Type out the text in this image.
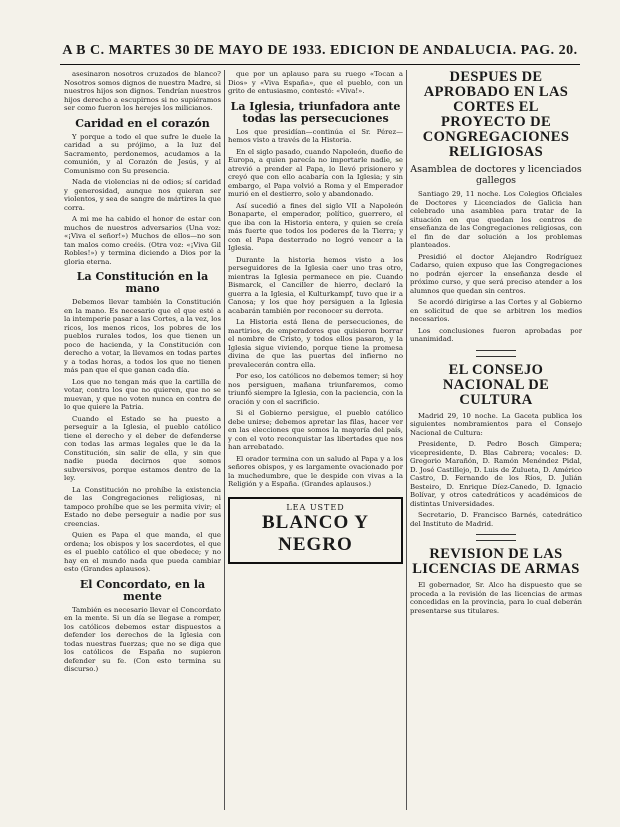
A B C. MARTES 30 DE MAYO DE 1933. EDICION DE ANDALUCIA. PAG. 20.

asesinaron nosotros cruzados de blanco? Nosotros somos dignos de nuestra Madre, si nuestros hijos son dignos. Tendrían nuestros hijos derecho a escupirnos si no supiéramos ser como fueron los herejes los milicianos.

Caridad en el corazón

Y porque a todo el que sufre le duele la caridad a su prójimo, a la luz del Sacramento, perdonemos, acudamos a la comunión, y al Corazón de Jesús, y al Comunismo con Su presencia.

Nada de violencias ni de odios; sí caridad y generosidad, aunque nos quieran ser violentos, y sea de sangre de mártires la que corra.

A mi me ha cabido el honor de estar con muchos de nuestros adversarios (Una voz: «¡Viva el señor!») Muchos de ellos—no son tan malos como creéis. (Otra voz: «¡Viva Gil Robles!») y termina diciendo a Dios por la gloria eterna.

La Constitución en la mano

Debemos llevar también la Constitución en la mano. Es necesario que el que esté a la intemperie pasar a las Cortes, a la vez, los ricos, los menos ricos, los pobres de los pueblos rurales todos, los que tienen un poco de hacienda, y la Constitución con derecho a votar, la llevamos en todas partes y a todas horas, a todos los que no tienen más pan que el que ganan cada día.

Los que no tengan más que la cartilla de votar, contra los que no quieren, que no se muevan, y que no voten nunca en contra de lo que quiere la Patria.

Cuando el Estado se ha puesto a perseguir a la Iglesia, el pueblo católico tiene el derecho y el deber de defenderse con todas las armas legales que le da la Constitución, sin salir de ella, y sin que nadie pueda decirnos que somos subversivos, porque estamos dentro de la ley.

La Constitución no prohíbe la existencia de las Congregaciones religiosas, ni tampoco prohíbe que se les permita vivir; el Estado no debe perseguir a nadie por sus creencias.

Quien es Papa el que manda, el que ordena; los obispos y los sacerdotes, el que es el pueblo católico el que obedece; y no hay en el mundo nada que pueda cambiar esto (Grandes aplausos).

El Concordato, en la mente

También es necesario llevar el Concordato en la mente. Si un día se llegase a romper, los católicos debemos estar dispuestos a defender los derechos de la Iglesia con todas nuestras fuerzas; que no se diga que los católicos de España no supieron defender su fe. (Con esto termina su discurso.)

que por un aplauso para su ruego «Tocan a Dios» y «Viva España», que el pueblo, con un grito de entusiasmo, contestó: «Viva!».

La Iglesia, triunfadora ante todas las persecuciones

Los que presidían—continúa el Sr. Pérez—hemos visto a través de la Historia.

En el siglo pasado, cuando Napoleón, dueño de Europa, a quien parecía no importarle nadie, se atrevió a prender al Papa, lo llevó prisionero y creyó que con ello acabaría con la Iglesia; y sin embargo, el Papa volvió a Roma y el Emperador murió en el destierro, solo y abandonado.

Así sucedió a fines del siglo VII a Napoleón Bonaparte, el emperador, político, guerrero, el que iba con la Historia entera, y quien se creía más fuerte que todos los poderes de la Tierra; y con el Papa desterrado no logró vencer a la Iglesia.

Durante la historia hemos visto a los perseguidores de la Iglesia caer uno tras otro, mientras la Iglesia permanece en pie. Cuando Bismarck, el Canciller de hierro, declaró la guerra a la Iglesia, el Kulturkampf, tuvo que ir a Canosa; y los que hoy persiguen a la Iglesia acabarán también por reconocer su derrota.

La Historia está llena de persecuciones, de martirios, de emperadores que quisieron borrar el nombre de Cristo, y todos ellos pasaron, y la Iglesia sigue viviendo, porque tiene la promesa divina de que las puertas del infierno no prevalecerán contra ella.

Por eso, los católicos no debemos temer; si hoy nos persiguen, mañana triunfaremos, como triunfó siempre la Iglesia, con la paciencia, con la oración y con el sacrificio.

Si el Gobierno persigue, el pueblo católico debe unirse; debemos apretar las filas, hacer ver en las elecciones que somos la mayoría del país, y con el voto reconquistar las libertades que nos han arrebatado.

El orador termina con un saludo al Papa y a los señores obispos, y es largamente ovacionado por la muchedumbre, que le despide con vivas a la Religión y a España. (Grandes aplausos.)

LEA USTED
BLANCO Y NEGRO
DESPUES DE APROBADO EN LAS CORTES EL PROYECTO DE CONGREGACIONES RELIGIOSAS
Asamblea de doctores y licenciados gallegos

Santiago 29, 11 noche. Los Colegios Oficiales de Doctores y Licenciados de Galicia han celebrado una asamblea para tratar de la situación en que quedan los centros de enseñanza de las Congregaciones religiosas, con el fin de dar solución a los problemas planteados.

Presidió el doctor Alejandro Rodríguez Cadarso, quien expuso que las Congregaciones no podrán ejercer la enseñanza desde el próximo curso, y que será preciso atender a los alumnos que quedan sin centros.

Se acordó dirigirse a las Cortes y al Gobierno en solicitud de que se arbitren los medios necesarios.

Los conclusiones fueron aprobadas por unanimidad.

EL CONSEJO NACIONAL DE CULTURA

Madrid 29, 10 noche. La Gaceta publica los siguientes nombramientos para el Consejo Nacional de Cultura:

Presidente, D. Pedro Bosch Gimpera; vicepresidente, D. Blas Cabrera; vocales: D. Gregorio Marañón, D. Ramón Menéndez Pidal, D. José Castillejo, D. Luis de Zulueta, D. Américo Castro, D. Fernando de los Ríos, D. Julián Besteiro, D. Enrique Díez-Canedo, D. Ignacio Bolívar, y otros catedráticos y académicos de distintas Universidades.

Secretario, D. Francisco Barnés, catedrático del Instituto de Madrid.

REVISION DE LAS LICENCIAS DE ARMAS

El gobernador, Sr. Alco ha dispuesto que se proceda a la revisión de las licencias de armas concedidas en la provincia, para lo cual deberán presentarse sus titulares.
